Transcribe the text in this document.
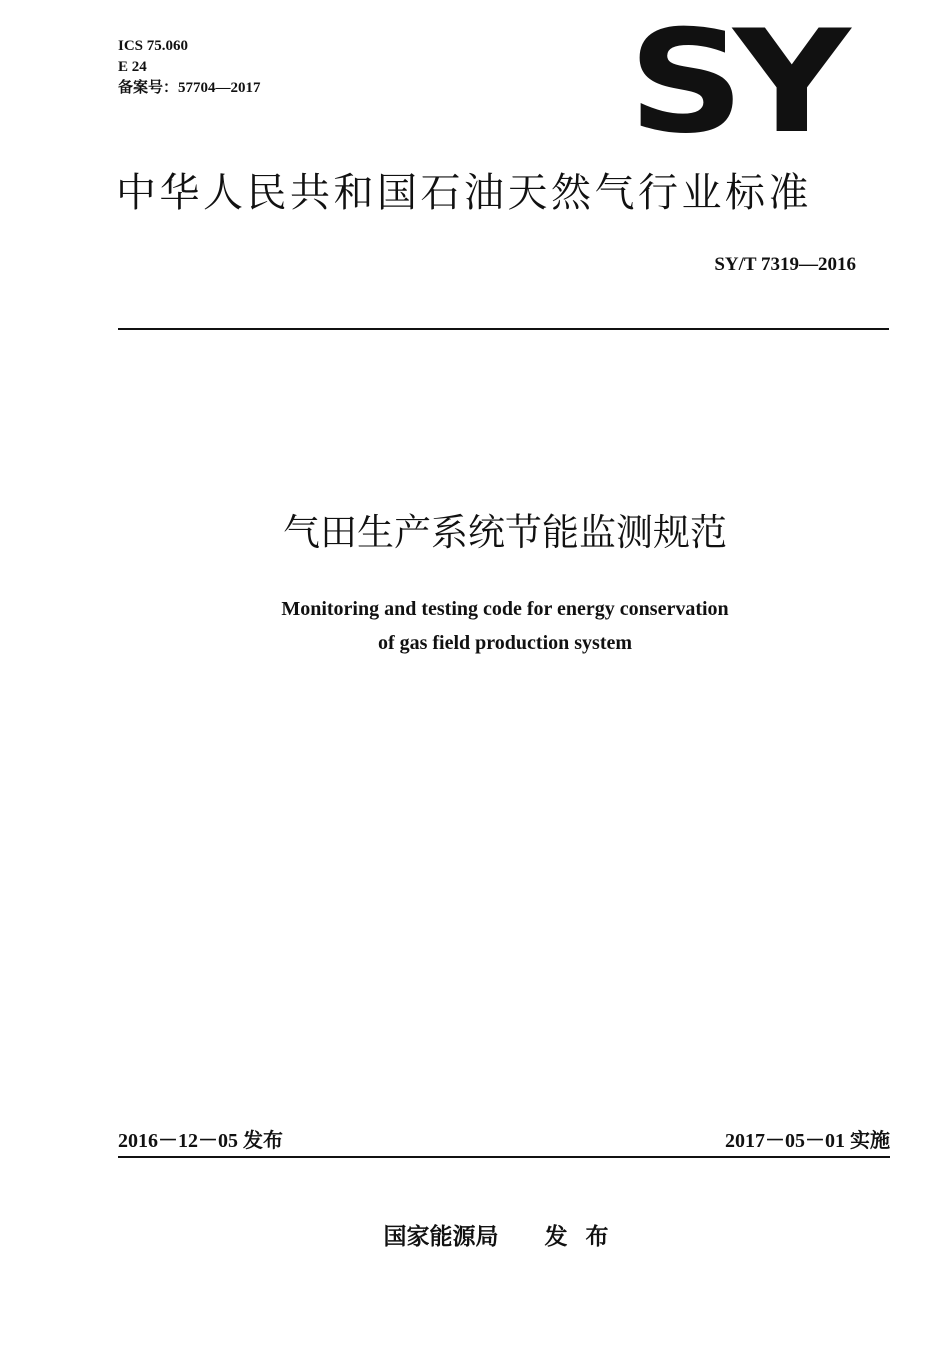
ICS 75.060
E 24
备案号：57704—2017	SY
中华人民共和国石油天然气行业标准
SY/T 7319—2016
气田生产系统节能监测规范
Monitoring and testing code for energy conservation
of gas field production system
2016－12－05 发布	2017－05－01 实施
国家能源局 发布
